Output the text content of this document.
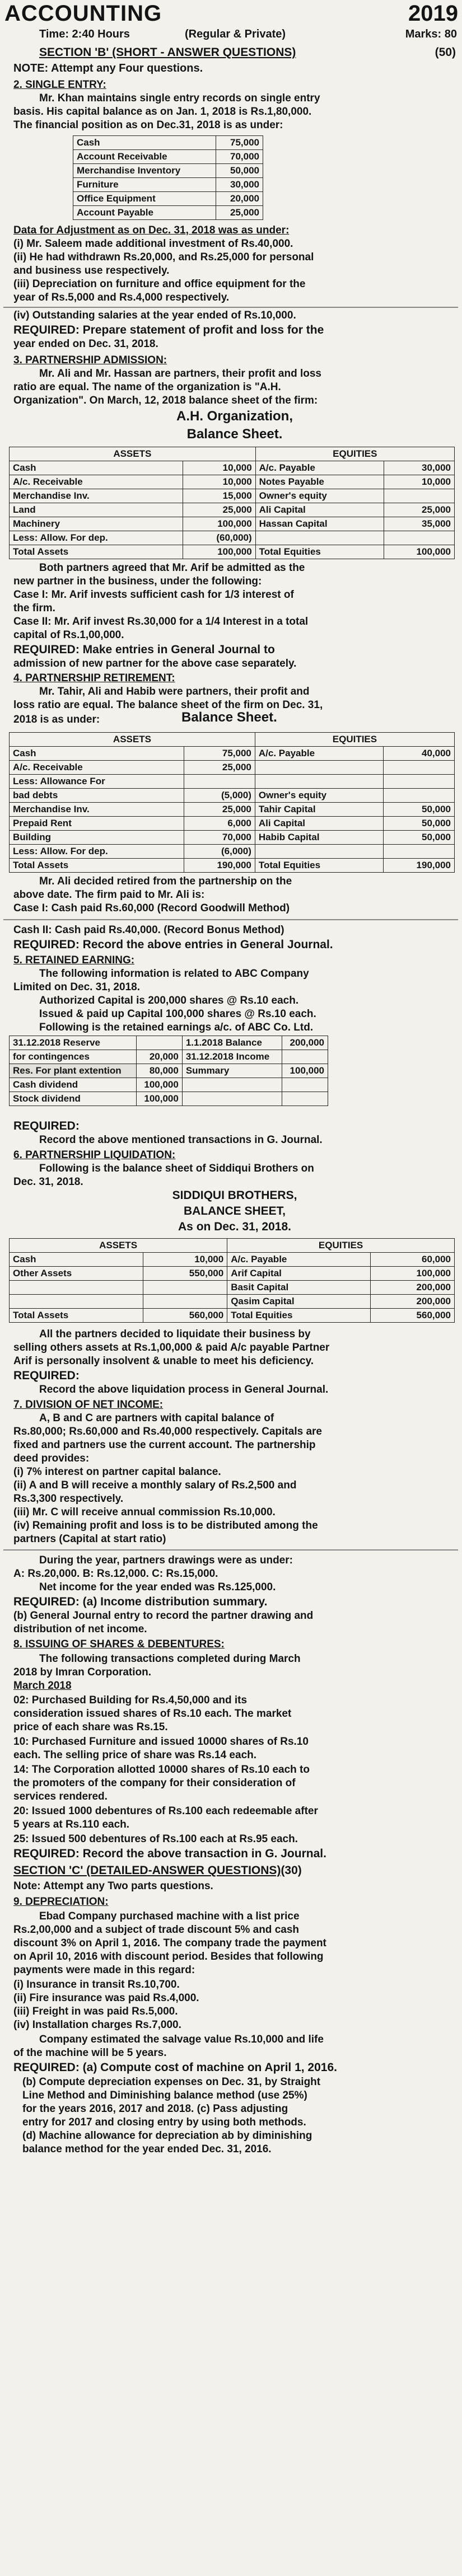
ACCOUNTING	2019
Time: 2:40 Hours	(Regular & Private)	Marks: 80
SECTION 'B' (SHORT - ANSWER QUESTIONS)	(50)
NOTE: Attempt any Four questions.
2. SINGLE ENTRY:
Mr. Khan maintains single entry records on single entry
basis. His capital balance as on Jan. 1, 2018 is Rs.1,80,000.
The financial position as on Dec.31, 2018 is as under:
Cash	75,000
Account Receivable	70,000
Merchandise Inventory	50,000
Furniture	30,000
Office Equipment	20,000
Account Payable	25,000
Data for Adjustment as on Dec. 31, 2018 was as under:
(i) Mr. Saleem made additional investment of Rs.40,000.
(ii) He had withdrawn Rs.20,000, and Rs.25,000 for personal
and business use respectively.
(iii) Depreciation on furniture and office equipment for the
year of Rs.5,000 and Rs.4,000 respectively.
(iv) Outstanding salaries at the year ended of Rs.10,000.
REQUIRED: Prepare statement of profit and loss for the
year ended on Dec. 31, 2018.
3. PARTNERSHIP ADMISSION:
Mr. Ali and Mr. Hassan are partners, their profit and loss
ratio are equal. The name of the organization is "A.H.
Organization". On March, 12, 2018 balance sheet of the firm:
A.H. Organization,
Balance Sheet.
ASSETS		EQUITIES	
Cash	10,000	A/c. Payable	30,000
A/c. Receivable	10,000	Notes Payable	10,000
Merchandise Inv.	15,000	Owner's equity	
Land	25,000	Ali Capital	25,000
Machinery	100,000	Hassan Capital	35,000
Less: Allow. For dep.	(60,000)		
Total Assets	100,000	Total Equities	100,000
Both partners agreed that Mr. Arif be admitted as the
new partner in the business, under the following:
Case I: Mr. Arif invests sufficient cash for 1/3 interest of
the firm.
Case II: Mr. Arif invest Rs.30,000 for a 1/4 Interest in a total
capital of Rs.1,00,000.
REQUIRED: Make entries in General Journal to
admission of new partner for the above case separately.
4. PARTNERSHIP RETIREMENT:
Mr. Tahir, Ali and Habib were partners, their profit and
loss ratio are equal. The balance sheet of the firm on Dec. 31,
2018 is as under:	Balance Sheet.
ASSETS		EQUITIES	
Cash	75,000	A/c. Payable	40,000
A/c. Receivable	25,000		
Less: Allowance For			
bad debts	(5,000)	Owner's equity	
Merchandise Inv.	25,000	Tahir Capital	50,000
Prepaid Rent	6,000	Ali Capital	50,000
Building	70,000	Habib Capital	50,000
Less: Allow. For dep.	(6,000)		
Total Assets	190,000	Total Equities	190,000
Mr. Ali decided retired from the partnership on the
above date. The firm paid to Mr. Ali is:
Case I: Cash paid Rs.60,000 (Record Goodwill Method)
Cash II: Cash paid Rs.40,000. (Record Bonus Method)
REQUIRED: Record the above entries in General Journal.
5. RETAINED EARNING:
The following information is related to ABC Company
Limited on Dec. 31, 2018.
Authorized Capital is 200,000 shares @ Rs.10 each.
Issued & paid up Capital 100,000 shares @ Rs.10 each.
Following is the retained earnings a/c. of ABC Co. Ltd.
31.12.2018 Reserve		1.1.2018 Balance	200,000
for contingences	20,000	31.12.2018 Income	
Res. For plant extention	80,000	Summary	100,000
Cash dividend	100,000		
Stock dividend	100,000		
REQUIRED:
Record the above mentioned transactions in G. Journal.
6. PARTNERSHIP LIQUIDATION:
Following is the balance sheet of Siddiqui Brothers on
Dec. 31, 2018.
SIDDIQUI BROTHERS,
BALANCE SHEET,
As on Dec. 31, 2018.
ASSETS		EQUITIES	
Cash	10,000	A/c. Payable	60,000
Other Assets	550,000	Arif Capital	100,000
		Basit Capital	200,000
		Qasim Capital	200,000
Total Assets	560,000	Total Equities	560,000
All the partners decided to liquidate their business by
selling others assets at Rs.1,00,000 & paid A/c payable Partner
Arif is personally insolvent & unable to meet his deficiency.
REQUIRED:
Record the above liquidation process in General Journal.
7. DIVISION OF NET INCOME:
A, B and C are partners with capital balance of
Rs.80,000; Rs.60,000 and Rs.40,000 respectively. Capitals are
fixed and partners use the current account. The partnership
deed provides:
(i) 7% interest on partner capital balance.
(ii) A and B will receive a monthly salary of Rs.2,500 and
Rs.3,300 respectively.
(iii) Mr. C will receive annual commission Rs.10,000.
(iv) Remaining profit and loss is to be distributed among the
partners (Capital at start ratio)
During the year, partners drawings were as under:
A: Rs.20,000. B: Rs.12,000. C: Rs.15,000.
Net income for the year ended was Rs.125,000.
REQUIRED: (a) Income distribution summary.
(b) General Journal entry to record the partner drawing and
distribution of net income.
8. ISSUING OF SHARES & DEBENTURES:
The following transactions completed during March
2018 by Imran Corporation.
March 2018
02: Purchased Building for Rs.4,50,000 and its
consideration issued shares of Rs.10 each. The market
price of each share was Rs.15.
10: Purchased Furniture and issued 10000 shares of Rs.10
each. The selling price of share was Rs.14 each.
14: The Corporation allotted 10000 shares of Rs.10 each to
the promoters of the company for their consideration of
services rendered.
20: Issued 1000 debentures of Rs.100 each redeemable after
5 years at Rs.110 each.
25: Issued 500 debentures of Rs.100 each at Rs.95 each.
REQUIRED: Record the above transaction in G. Journal.
SECTION 'C' (DETAILED-ANSWER QUESTIONS)(30)
Note: Attempt any Two parts questions.
9. DEPRECIATION:
Ebad Company purchased machine with a list price
Rs.2,00,000 and a subject of trade discount 5% and cash
discount 3% on April 1, 2016. The company trade the payment
on April 10, 2016 with discount period. Besides that following
payments were made in this regard:
(i) Insurance in transit Rs.10,700.
(ii) Fire insurance was paid Rs.4,000.
(iii) Freight in was paid Rs.5,000.
(iv) Installation charges Rs.7,000.
Company estimated the salvage value Rs.10,000 and life
of the machine will be 5 years.
REQUIRED: (a) Compute cost of machine on April 1, 2016.
(b) Compute depreciation expenses on Dec. 31, by Straight
Line Method and Diminishing balance method (use 25%)
for the years 2016, 2017 and 2018. (c) Pass adjusting
entry for 2017 and closing entry by using both methods.
(d) Machine allowance for depreciation ab by diminishing
balance method for the year ended Dec. 31, 2016.
